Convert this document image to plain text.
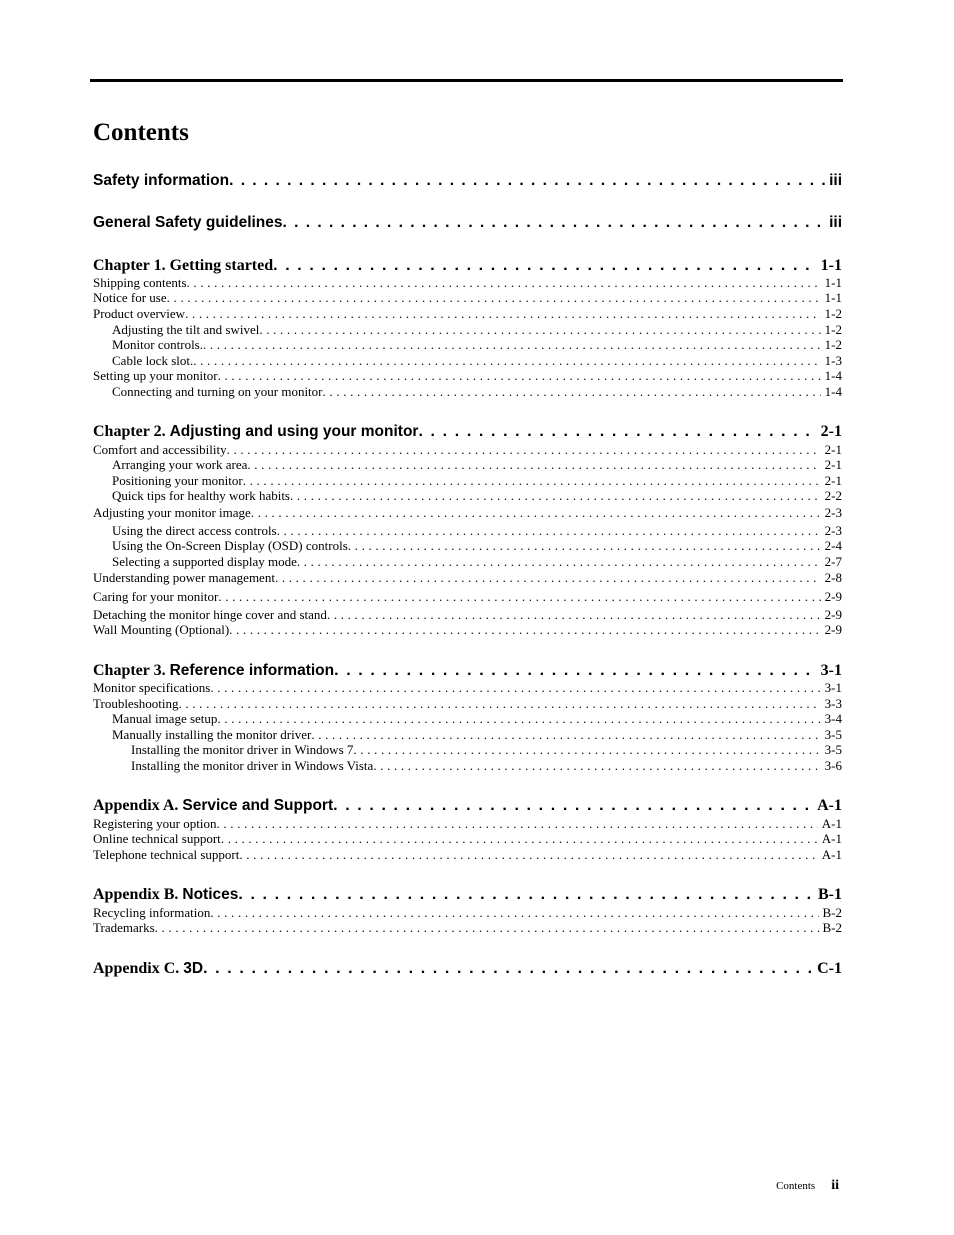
Contents
Safety information . . .	iii
General Safety guidelines . . .	iii
Chapter 1. Getting started . . .	1-1
Shipping contents . . .	1-1
Notice for use . . .	1-1
Product overview . . .	1-2
Adjusting the tilt and swivel . . .	1-2
Monitor controls. . . .	1-2
Cable lock slot. . . .	1-3
Setting up your monitor . . .	1-4
Connecting and turning on your monitor . . .	1-4
Chapter 2. Adjusting and using your monitor . . .	2-1
Comfort and accessibility . . .	2-1
Arranging your work area . . .	2-1
Positioning your monitor . . .	2-1
Quick tips for healthy work habits . . .	2-2
Adjusting your monitor image . . .	2-3
Using the direct access controls . . .	2-3
Using the On-Screen Display (OSD) controls . . .	2-4
Selecting a supported display mode . . .	2-7
Understanding power management . . .	2-8
Caring for your monitor . . .	2-9
Detaching the monitor hinge cover and stand . . .	2-9
Wall Mounting (Optional) . . .	2-9
Chapter 3. Reference information . . .	3-1
Monitor specifications . . .	3-1
Troubleshooting . . .	3-3
Manual image setup . . .	3-4
Manually installing the monitor driver . . .	3-5
Installing the monitor driver in Windows 7 . . .	3-5
Installing the monitor driver in Windows Vista . . .	3-6
Appendix A. Service and Support . . .	A-1
Registering your option . . .	A-1
Online technical support . . .	A-1
Telephone technical support . . .	A-1
Appendix B. Notices . . .	B-1
Recycling information . . .	B-2
Trademarks . . .	B-2
Appendix C. 3D . . .	C-1
Contents ii
